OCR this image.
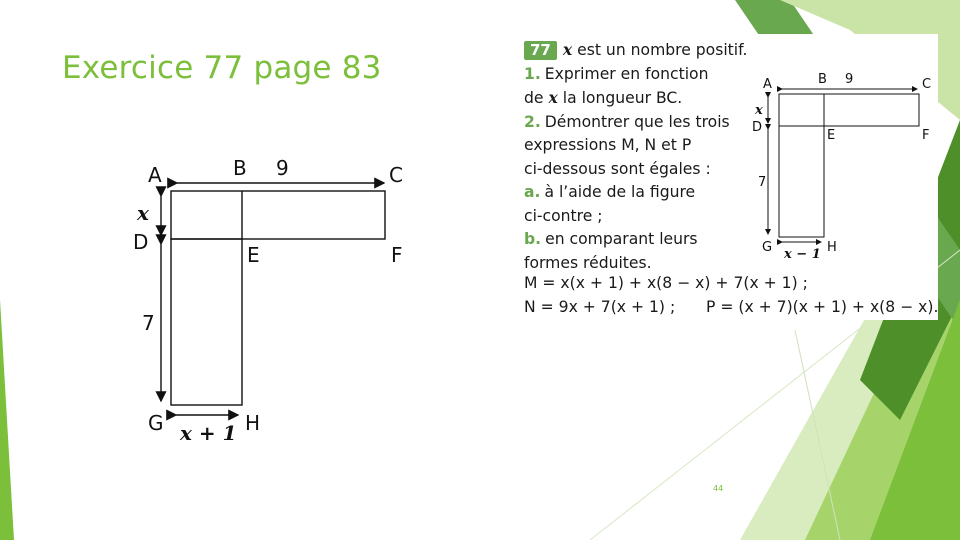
Exercice 77 page 83
A	B 9	C
x
D
E	F
7
G x + 1 H
77 x est un nombre positif.
1. Exprimer en fonction
de x la longueur BC.
2. Démontrer que les trois
expressions M, N et P
ci-dessous sont égales :
a. à l’aide de la figure
ci-contre ;
b. en comparant leurs
formes réduites.
M = x(x + 1) + x(8 − x) + 7(x + 1) ;
N = 9x + 7(x + 1) ; P = (x + 7)(x + 1) + x(8 − x).
A	B 9	C
x
D
E	F
7
G x − 1 H
44
